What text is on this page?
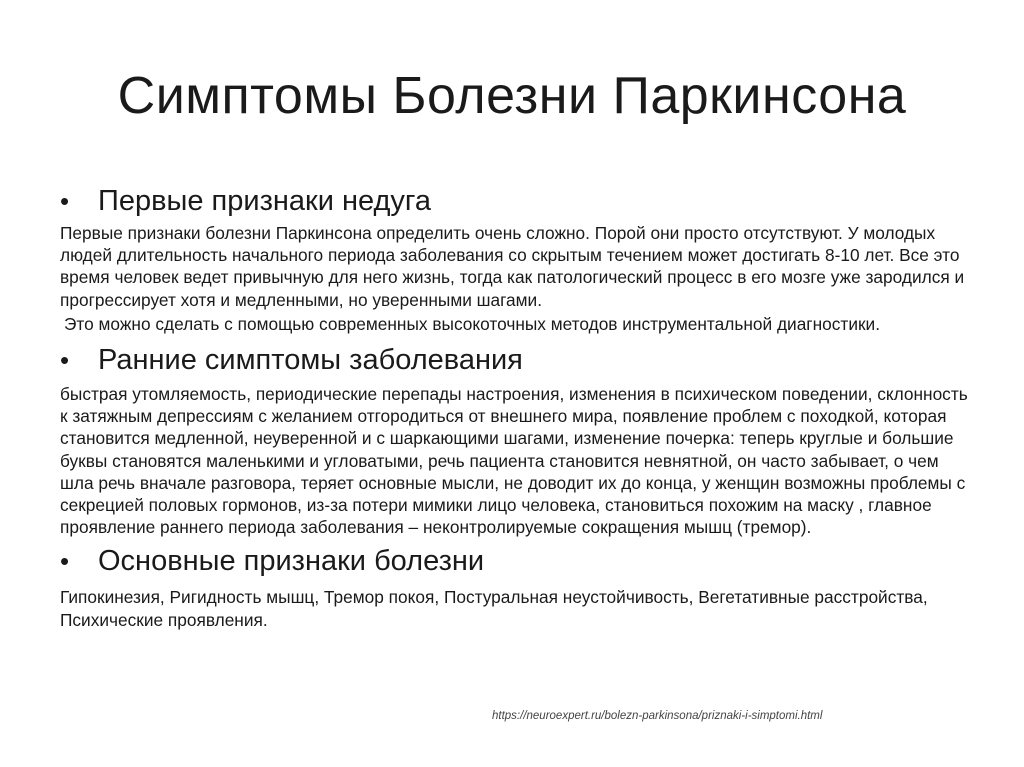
Симптомы Болезни Паркинсона
• Первые признаки недуга

Первые признаки болезни Паркинсона определить очень сложно. Порой они просто отсутствуют. У молодых людей длительность начального периода заболевания со скрытым течением может достигать 8-10 лет. Все это время человек ведет привычную для него жизнь, тогда как патологический процесс в его мозге уже зародился и прогрессирует хотя и медленными, но уверенными шагами.

Это можно сделать с помощью современных высокоточных методов инструментальной диагностики.

• Ранние симптомы заболевания

быстрая утомляемость, периодические перепады настроения, изменения в психическом поведении, склонность к затяжным депрессиям с желанием отгородиться от внешнего мира, появление проблем с походкой, которая становится медленной, неуверенной и с шаркающими шагами, изменение почерка: теперь круглые и большие буквы становятся маленькими и угловатыми, речь пациента становится невнятной, он часто забывает, о чем шла речь вначале разговора, теряет основные мысли, не доводит их до конца, у женщин возможны проблемы с секрецией половых гормонов, из-за потери мимики лицо человека, становиться похожим на маску , главное проявление раннего периода заболевания – неконтролируемые сокращения мышц (тремор).

• Основные признаки болезни

Гипокинезия, Ригидность мышц, Тремор покоя, Постуральная неустойчивость, Вегетативные расстройства, Психические проявления.

https://neuroexpert.ru/bolezn-parkinsona/priznaki-i-simptomi.html
